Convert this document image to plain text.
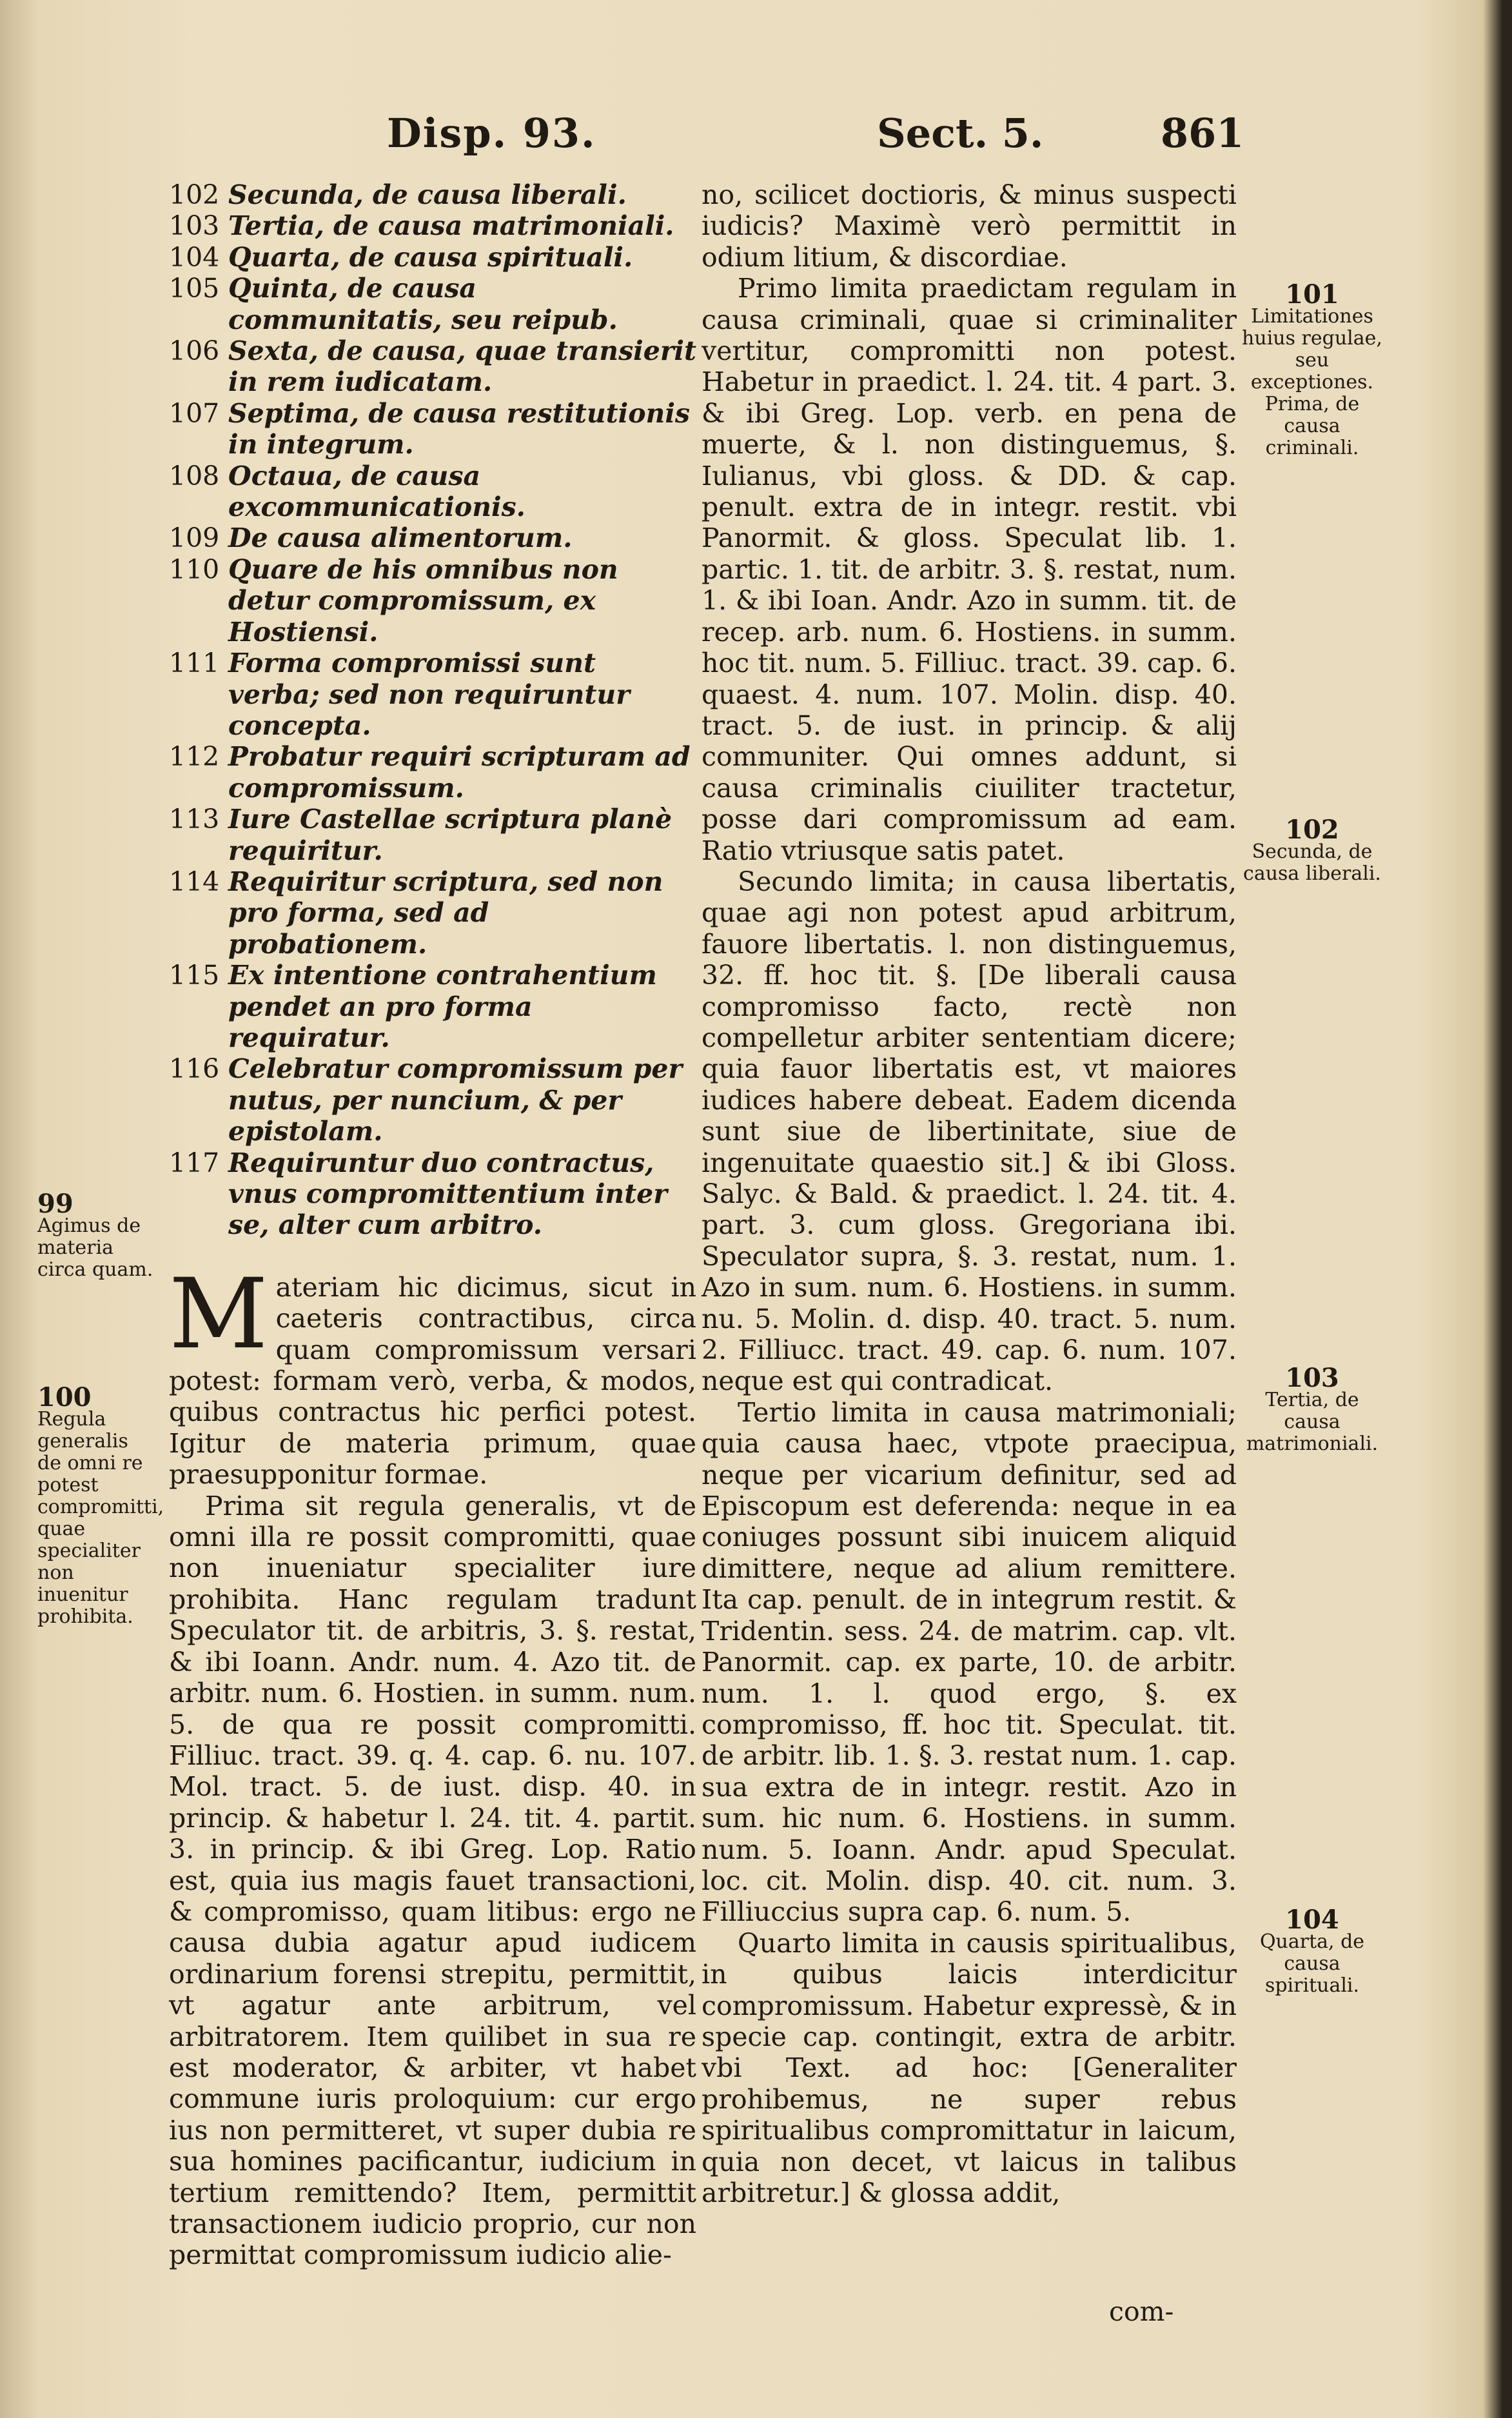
Disp. 93.	Sect. 5.	861
102 Secunda, de causa liberali.
103 Tertia, de causa matrimoniali.
104 Quarta, de causa spirituali.
105 Quinta, de causa communitatis, seu reipub.
106 Sexta, de causa, quae transierit in rem iudicatam.
107 Septima, de causa restitutionis in integrum.
108 Octaua, de causa excommunicationis.
109 De causa alimentorum.
110 Quare de his omnibus non detur compromissum, ex Hostiensi.
111 Forma compromissi sunt verba; sed non requiruntur concepta.
112 Probatur requiri scripturam ad compromissum.
113 Iure Castellae scriptura planè requiritur.
114 Requiritur scriptura, sed non pro forma, sed ad probationem.
115 Ex intentione contrahentium pendet an pro forma requiratur.
116 Celebratur compromissum per nutus, per nuncium, & per epistolam.
117 Requiruntur duo contractus, vnus compromittentium inter se, alter cum arbitro.

Materiam hic dicimus, sicut in caeteris contractibus, circa quam compromissum versari potest: formam verò, verba, & modos, quibus contractus hic perfici potest. Igitur de materia primum, quae praesupponitur formae.

Prima sit regula generalis, vt de omni illa re possit compromitti, quae non inueniatur specialiter iure prohibita. Hanc regulam tradunt Speculator tit. de arbitris, 3. §. restat, & ibi Ioann. Andr. num. 4. Azo tit. de arbitr. num. 6. Hostien. in summ. num. 5. de qua re possit compromitti. Filliuc. tract. 39. q. 4. cap. 6. nu. 107. Mol. tract. 5. de iust. disp. 40. in princip. & habetur l. 24. tit. 4. partit. 3. in princip. & ibi Greg. Lop. Ratio est, quia ius magis fauet transactioni, & compromisso, quam litibus: ergo ne causa dubia agatur apud iudicem ordinarium forensi strepitu, permittit, vt agatur ante arbitrum, vel arbitratorem. Item quilibet in sua re est moderator, & arbiter, vt habet commune iuris proloquium: cur ergo ius non permitteret, vt super dubia re sua homines pacificantur, iudicium in tertium remittendo? Item, permittit transactionem iudicio proprio, cur non permittat compromissum iudicio alie-

no, scilicet doctioris, & minus suspecti iudicis? Maximè verò permittit in odium litium, & discordiae.

Primo limita praedictam regulam in causa criminali, quae si criminaliter vertitur, compromitti non potest. Habetur in praedict. l. 24. tit. 4 part. 3. & ibi Greg. Lop. verb. en pena de muerte, & l. non distinguemus, §. Iulianus, vbi gloss. & DD. & cap. penult. extra de in integr. restit. vbi Panormit. & gloss. Speculat lib. 1. partic. 1. tit. de arbitr. 3. §. restat, num. 1. & ibi Ioan. Andr. Azo in summ. tit. de recep. arb. num. 6. Hostiens. in summ. hoc tit. num. 5. Filliuc. tract. 39. cap. 6. quaest. 4. num. 107. Molin. disp. 40. tract. 5. de iust. in princip. & alij communiter. Qui omnes addunt, si causa criminalis ciuiliter tractetur, posse dari compromissum ad eam. Ratio vtriusque satis patet.

Secundo limita; in causa libertatis, quae agi non potest apud arbitrum, fauore libertatis. l. non distinguemus, 32. ff. hoc tit. §. [De liberali causa compromisso facto, rectè non compelletur arbiter sententiam dicere; quia fauor libertatis est, vt maiores iudices habere debeat. Eadem dicenda sunt siue de libertinitate, siue de ingenuitate quaestio sit.] & ibi Gloss. Salyc. & Bald. & praedict. l. 24. tit. 4. part. 3. cum gloss. Gregoriana ibi. Speculator supra, §. 3. restat, num. 1. Azo in sum. num. 6. Hostiens. in summ. nu. 5. Molin. d. disp. 40. tract. 5. num. 2. Filliucc. tract. 49. cap. 6. num. 107. neque est qui contradicat.

Tertio limita in causa matrimoniali; quia causa haec, vtpote praecipua, neque per vicarium definitur, sed ad Episcopum est deferenda: neque in ea coniuges possunt sibi inuicem aliquid dimittere, neque ad alium remittere. Ita cap. penult. de in integrum restit. & Tridentin. sess. 24. de matrim. cap. vlt. Panormit. cap. ex parte, 10. de arbitr. num. 1. l. quod ergo, §. ex compromisso, ff. hoc tit. Speculat. tit. de arbitr. lib. 1. §. 3. restat num. 1. cap. sua extra de in integr. restit. Azo in sum. hic num. 6. Hostiens. in summ. num. 5. Ioann. Andr. apud Speculat. loc. cit. Molin. disp. 40. cit. num. 3. Filliuccius supra cap. 6. num. 5.

Quarto limita in causis spiritualibus, in quibus laicis interdicitur compromissum. Habetur expressè, & in specie cap. contingit, extra de arbitr. vbi Text. ad hoc: [Generaliter prohibemus, ne super rebus spiritualibus compromittatur in laicum, quia non decet, vt laicus in talibus arbitretur.] & glossa addit,

com-
99
Agimus de materia circa quam.
100
Regula generalis de omni re potest compromitti, quae specialiter non inuenitur prohibita.
101
Limitationes huius regulae, seu exceptiones. Prima, de causa criminali.
102
Secunda, de causa liberali.
103
Tertia, de causa matrimoniali.
104
Quarta, de causa spirituali.
